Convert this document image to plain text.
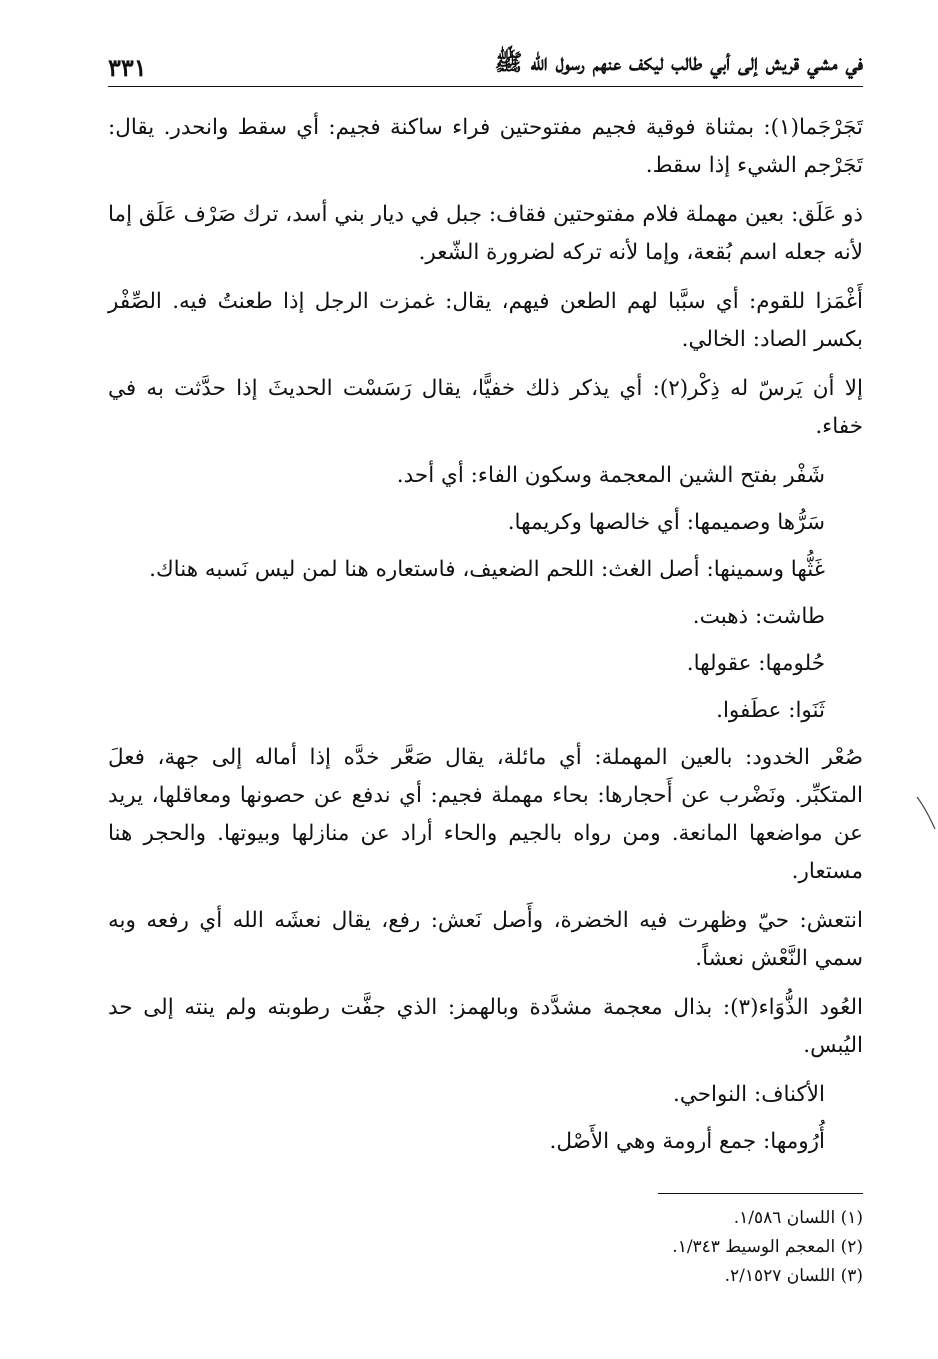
في مشي قريش إلى أبي طالب ليكف عنهم رسول الله ﷺ
٣٣١

تَجَرْجَما(١): بمثناة فوقية فجيم مفتوحتين فراء ساكنة فجيم: أي سقط وانحدر. يقال: تَجَرْجم الشيء إذا سقط.

ذو عَلَق: بعين مهملة فلام مفتوحتين فقاف: جبل في ديار بني أسد، ترك صَرْف عَلَق إما لأنه جعله اسم بُقعة، وإما لأنه تركه لضرورة الشّعر.

أَغْمَزا للقوم: أي سبَّبا لهم الطعن فيهم، يقال: غمزت الرجل إذا طعنتُ فيه. الصِّفْر بكسر الصاد: الخالي.

إلا أن يَرسّ له ذِكْر(٢): أي يذكر ذلك خفيًّا، يقال رَسَسْت الحديثَ إذا حدَّثت به في خفاء.

شَفْر بفتح الشين المعجمة وسكون الفاء: أي أحد.

سَرُّها وصميمها: أي خالصها وكريمها.

غَثُّها وسمينها: أصل الغث: اللحم الضعيف، فاستعاره هنا لمن ليس نَسبه هناك.

طاشت: ذهبت.

حُلومها: عقولها.

ثَنَوا: عطَفوا.

صُعْر الخدود: بالعين المهملة: أي مائلة، يقال صَعَّر خدَّه إذا أماله إلى جهة، فعلَ المتكبِّر. ونَضْرب عن أَحجارها: بحاء مهملة فجيم: أي ندفع عن حصونها ومعاقلها، يريد عن مواضعها المانعة. ومن رواه بالجيم والحاء أراد عن منازلها وبيوتها. والحجر هنا مستعار.

انتعش: حيّ وظهرت فيه الخضرة، وأَصل نَعش: رفع، يقال نعشَه الله أي رفعه وبه سمي النَّعْش نعشاً.

العُود الذُّوَاء(٣): بذال معجمة مشدَّدة وبالهمز: الذي جفَّت رطوبته ولم ينته إلى حد اليُبس.

الأكناف: النواحي.

أُرُومها: جمع أرومة وهي الأَصْل.

(١) اللسان ١/٥٨٦.

(٢) المعجم الوسيط ١/٣٤٣.

(٣) اللسان ٢/١٥٢٧.
